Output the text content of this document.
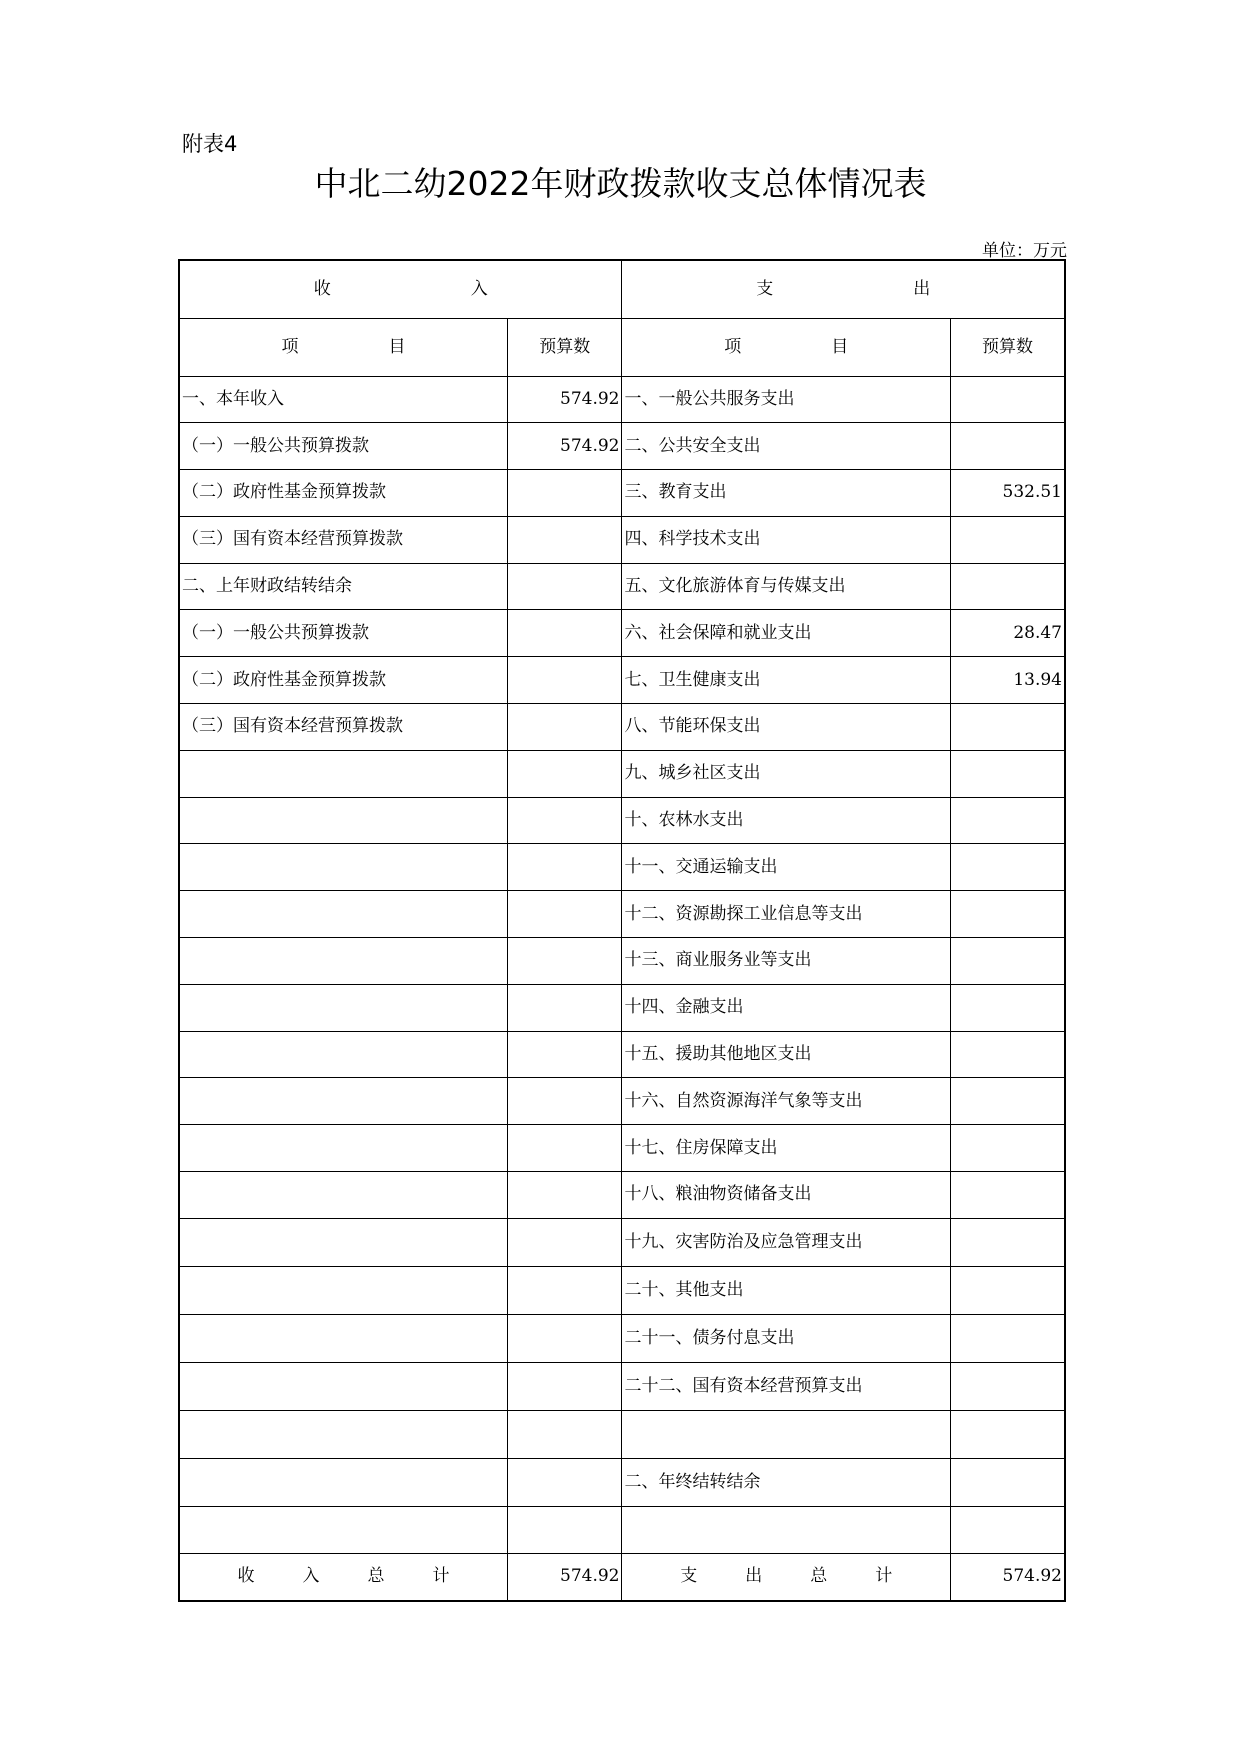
附表4
中北二幼2022年财政拨款收支总体情况表
单位：万元
收 入		支 出	
项 目	预算数	项 目	预算数
一、本年收入	574.92	一、一般公共服务支出	
（一）一般公共预算拨款	574.92	二、公共安全支出	
（二）政府性基金预算拨款		三、教育支出	532.51
（三）国有资本经营预算拨款		四、科学技术支出	
二、上年财政结转结余		五、文化旅游体育与传媒支出	
（一）一般公共预算拨款		六、社会保障和就业支出	28.47
（二）政府性基金预算拨款		七、卫生健康支出	13.94
（三）国有资本经营预算拨款		八、节能环保支出	
		九、城乡社区支出	
		十、农林水支出	
		十一、交通运输支出	
		十二、资源勘探工业信息等支出	
		十三、商业服务业等支出	
		十四、金融支出	
		十五、援助其他地区支出	
		十六、自然资源海洋气象等支出	
		十七、住房保障支出	
		十八、粮油物资储备支出	
		十九、灾害防治及应急管理支出	
		二十、其他支出	
		二十一、债务付息支出	
		二十二、国有资本经营预算支出	

		二、年终结转结余	

收 入 总 计	574.92	支 出 总 计	574.92
